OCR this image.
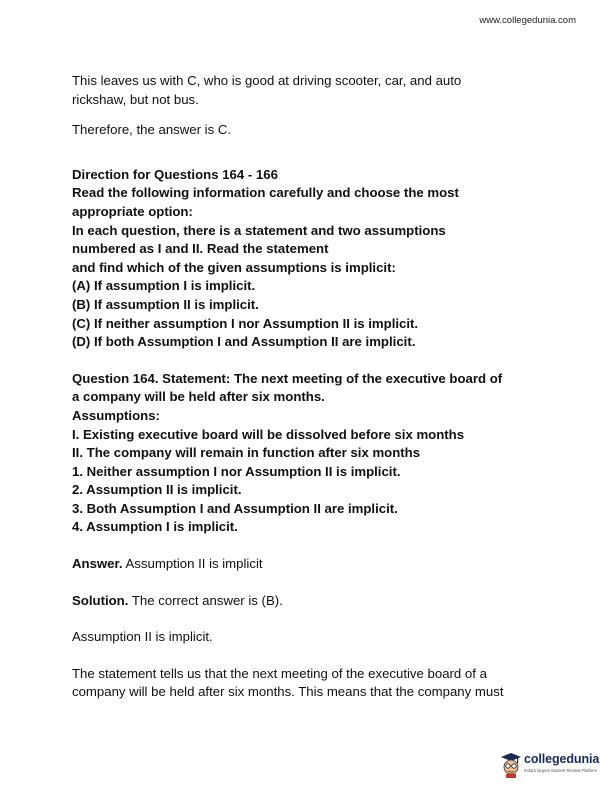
www.collegedunia.com

This leaves us with C, who is good at driving scooter, car, and auto
rickshaw, but not bus.

Therefore, the answer is C.

Direction for Questions 164 - 166
Read the following information carefully and choose the most
appropriate option:
In each question, there is a statement and two assumptions
numbered as I and II. Read the statement
and find which of the given assumptions is implicit:
(A) If assumption I is implicit.
(B) If assumption II is implicit.
(C) If neither assumption I nor Assumption II is implicit.
(D) If both Assumption I and Assumption II are implicit.

Question 164. Statement: The next meeting of the executive board of
a company will be held after six months.
Assumptions:
I. Existing executive board will be dissolved before six months
II. The company will remain in function after six months
1. Neither assumption I nor Assumption II is implicit.
2. Assumption II is implicit.
3. Both Assumption I and Assumption II are implicit.
4. Assumption I is implicit.

Answer. Assumption II is implicit

Solution. The correct answer is (B).

Assumption II is implicit.

The statement tells us that the next meeting of the executive board of a
company will be held after six months. This means that the company must

collegedunia
India's largest Student Review Platform
